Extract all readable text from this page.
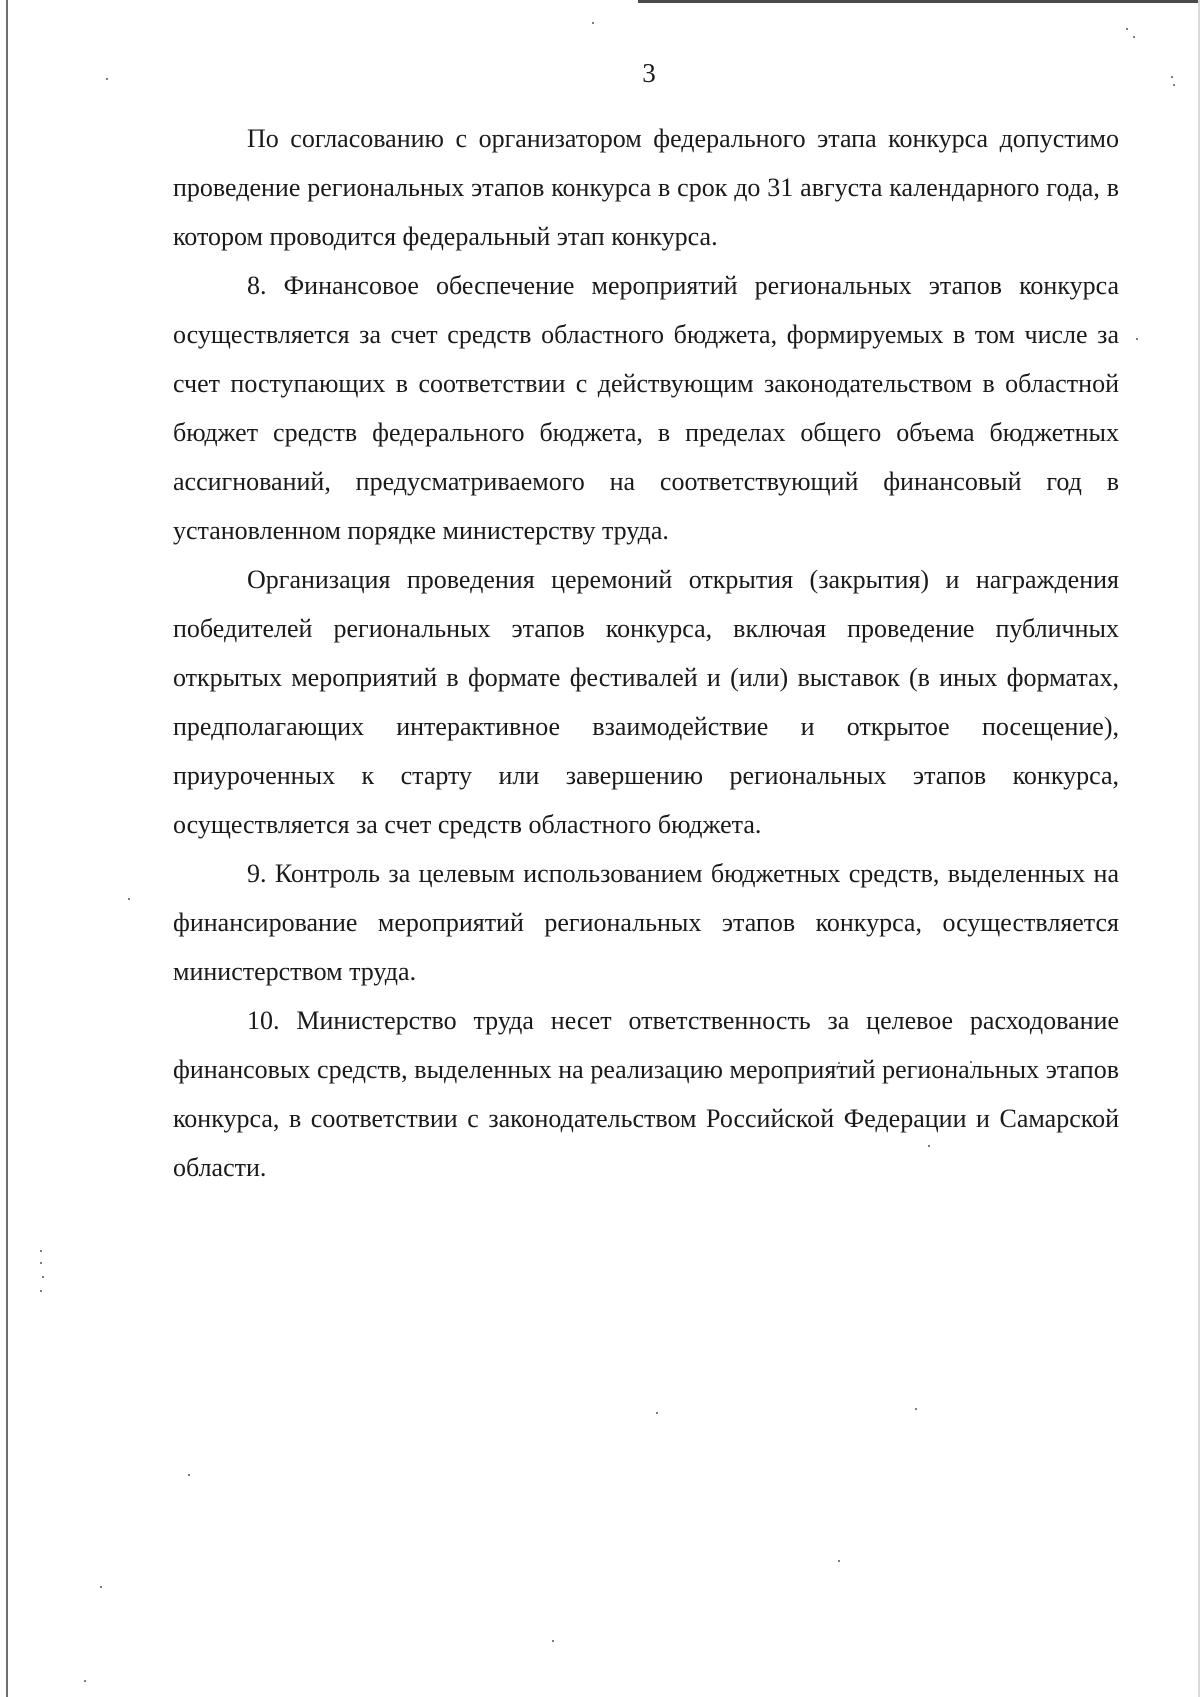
3

По согласованию с организатором федерального этапа конкурса допустимо проведение региональных этапов конкурса в срок до 31 августа календарного года, в котором проводится федеральный этап конкурса.

8. Финансовое обеспечение мероприятий региональных этапов конкурса осуществляется за счет средств областного бюджета, формируемых в том числе за счет поступающих в соответствии с действующим законодательством в областной бюджет средств федерального бюджета, в пределах общего объема бюджетных ассигнований, предусматриваемого на соответствующий финансовый год в установленном порядке министерству труда.

Организация проведения церемоний открытия (закрытия) и награждения победителей региональных этапов конкурса, включая проведение публичных открытых мероприятий в формате фестивалей и (или) выставок (в иных форматах, предполагающих интерактивное взаимодействие и открытое посещение), приуроченных к старту или завершению региональных этапов конкурса, осуществляется за счет средств областного бюджета.

9. Контроль за целевым использованием бюджетных средств, выделенных на финансирование мероприятий региональных этапов конкурса, осуществляется министерством труда.

10. Министерство труда несет ответственность за целевое расходование финансовых средств, выделенных на реализацию мероприятий региональных этапов конкурса, в соответствии с законодательством Российской Федерации и Самарской области.
